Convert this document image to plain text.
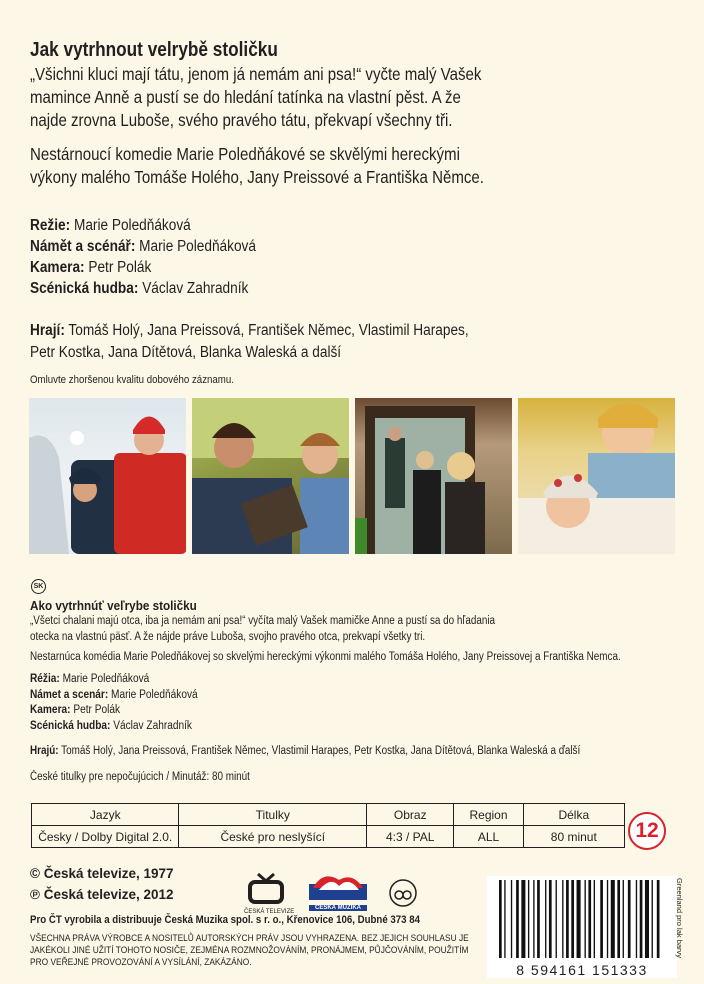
Jak vytrhnout velrybě stoličku
„Všichni kluci mají tátu, jenom já nemám ani psa!“ vyčte malý Vašek
mamince Anně a pustí se do hledání tatínka na vlastní pěst. A že
najde zrovna Luboše, svého pravého tátu, překvapí všechny tři.
Nestárnoucí komedie Marie Poledňákové se skvělými hereckými
výkony malého Tomáše Holého, Jany Preissové a Františka Němce.
Režie: Marie Poledňáková
Námět a scénář: Marie Poledňáková
Kamera: Petr Polák
Scénická hudba: Václav Zahradník
Hrají: Tomáš Holý, Jana Preissová, František Němec, Vlastimil Harapes,
Petr Kostka, Jana Dítětová, Blanka Waleská a další
Omluvte zhoršenou kvalitu dobového záznamu.
SK
Ako vytrhnúť veľrybe stoličku
„Všetci chalani majú otca, iba ja nemám ani psa!“ vyčíta malý Vašek mamičke Anne a pustí sa do hľadania
otecka na vlastnú päsť. A že nájde práve Luboša, svojho pravého otca, prekvapí všetky tri.
Nestarnúca komédia Marie Poledňákovej so skvelými hereckými výkonmi malého Tomáša Holého, Jany Preissovej a Františka Nemca.
Réžia: Marie Poledňáková
Námet a scenár: Marie Poledňáková
Kamera: Petr Polák
Scénická hudba: Václav Zahradník
Hrajú: Tomáš Holý, Jana Preissová, František Němec, Vlastimil Harapes, Petr Kostka, Jana Dítětová, Blanka Waleská a ďalší
České titulky pre nepočujúcich / Minutáž: 80 minút
Jazyk	Titulky	Obraz	Region	Délka
Česky / Dolby Digital 2.0.	České pro neslyšící	4:3 / PAL	ALL	80 minut	12
© Česká televize, 1977
℗ Česká televize, 2012
ČESKÁ TELEVIZE
ČESKÁ MUZIKA
Pro ČT vyrobila a distribuuje Česká Muzika spol. s r. o., Křenovice 106, Dubné 373 84
VŠECHNA PRÁVA VÝROBCE A NOSITELŮ AUTORSKÝCH PRÁV JSOU VYHRAZENA. BEZ JEJICH SOUHLASU JE
JAKÉKOLI JINÉ UŽITÍ TOHOTO NOSIČE, ZEJMÉNA ROZMNOŽOVÁNÍM, PRONÁJMEM, PŮJČOVÁNÍM, POUŽITÍM
PRO VEŘEJNÉ PROVOZOVÁNÍ A VYSÍLÁNÍ, ZAKÁZÁNO.	8 594161 151333
Greenland pro lak barvy
